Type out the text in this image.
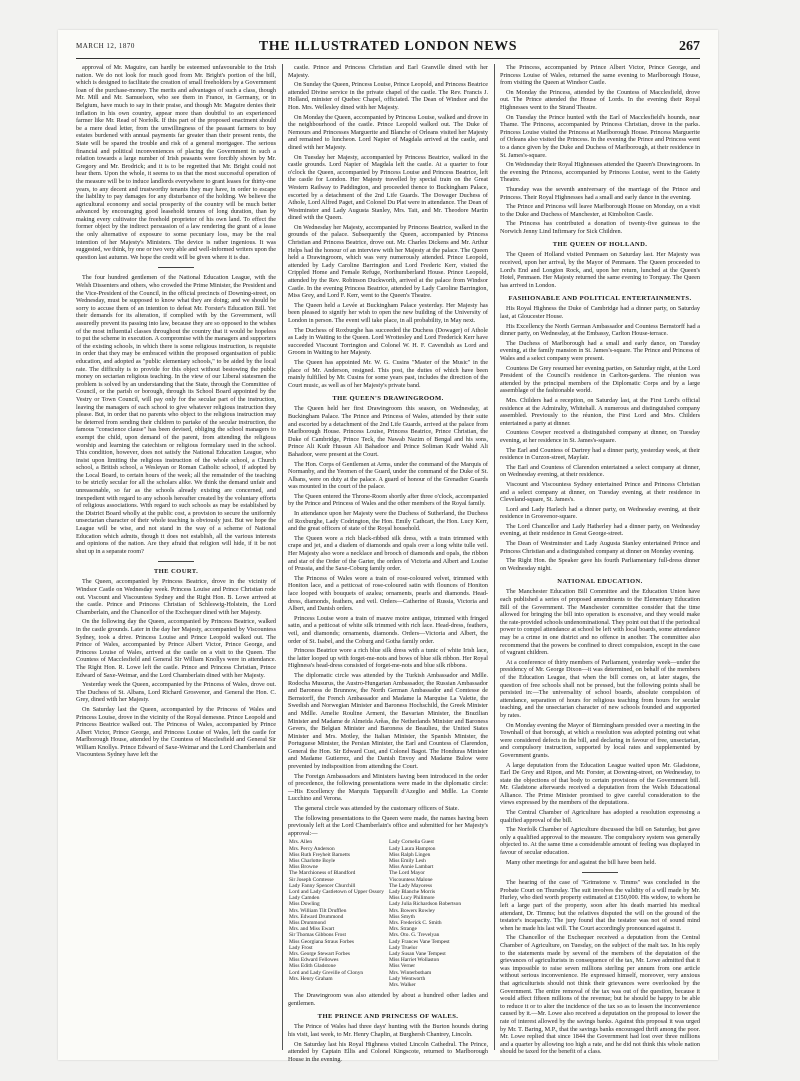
MARCH 12, 1870	THE ILLUSTRATED LONDON NEWS	267

approval of Mr. Maguire, can hardly be esteemed unfavourable to the Irish nation. We do not look for much good from Mr. Bright's portion of the bill, which is designed to facilitate the creation of small freeholders by a Government loan of the purchase-money. The merits and advantages of such a class, though Mr. Mill and Mr. Samuelson, who see them in France, in Germany, or in Belgium, have much to say in their praise, and though Mr. Maguire denies their inflation in his own country, appear more than doubtful to an experienced farmer like Mr. Read of Norfolk. If this part of the proposed enactment should be a mere dead letter, from the unwillingness of the peasant farmers to buy estates burdened with annual payments far greater than their present rents, the State will be spared the trouble and risk of a general mortgagee. The serious financial and political inconveniences of placing the Government in such a relation towards a large number of Irish peasants were forcibly shown by Mr. Gregory and Mr. Brodrick; and it is to be regretted that Mr. Bright could not hear them. Upon the whole, it seems to us that the most successful operation of the measure will be to induce landlords everywhere to grant leases for thirty-one years, to any decent and trustworthy tenants they may have, in order to escape the liability to pay damages for any disturbance of the holding. We believe the agricultural economy and social prosperity of the country will be much better advanced by encouraging good leasehold tenures of long duration, than by making every cultivator the freehold proprietor of his own land. To effect the former object by the indirect persuasion of a law rendering the grant of a lease the only alternative of exposure to some pecuniary loss, may be the real intention of her Majesty's Ministers. The device is rather ingenious. It was suggested, we think, by one or two very able and well-informed writers upon the question last autumn. We hope the credit will be given where it is due.

The four hundred gentlemen of the National Education League, with the Welsh Dissenters and others, who crowded the Prime Minister, the President and the Vice-President of the Council, in the official precincts of Downing-street, on Wednesday, must be supposed to know what they are doing; and we should be sorry to accuse them of an intention to defeat Mr. Forster's Education Bill. Yet their demands for its alteration, if complied with by the Government, will assuredly prevent its passing into law, because they are so opposed to the wishes of the most influential classes throughout the country that it would be hopeless to put the scheme in execution. A compromise with the managers and supporters of the existing schools, in which there is some religious instruction, is requisite in order that they may be embraced within the proposed organisation of public education, and adopted as "public elementary schools," to be aided by the local rate. The difficulty is to provide for this object without bestowing the public money on sectarian religious teaching. In the view of our Liberal statesmen the problem is solved by an understanding that the State, through the Committee of Council, or the parish or borough, through its School Board appointed by the Vestry or Town Council, will pay only for the secular part of the instruction, leaving the managers of each school to give whatever religious instruction they please. But, in order that no parents who object to the religious instruction may be deterred from sending their children to partake of the secular instruction, the famous "conscience clause" has been devised, obliging the school managers to exempt the child, upon demand of the parent, from attending the religious worship and learning the catechism or religious formulary used in the school. This condition, however, does not satisfy the National Education League, who insist upon limiting the religious instruction of the whole school, a Church school, a British school, a Wesleyan or Roman Catholic school, if adopted by the Local Board, to certain hours of the week; all the remainder of the teaching to be strictly secular for all the scholars alike. We think the demand unfair and unreasonable, so far as the schools already existing are concerned, and inexpedient with regard to any schools hereafter created by the voluntary efforts of religious associations. With regard to such schools as may be established by the District Board wholly at the public cost, a provision to secure the uniformly unsectarian character of their whole teaching is obviously just. But we hope the League will be wise, and not stand in the way of a scheme of National Education which admits, though it does not establish, all the various interests and opinions of the nation. Are they afraid that religion will hide, if it be not shut up in a separate room?

THE COURT.

The Queen, accompanied by Princess Beatrice, drove in the vicinity of Windsor Castle on Wednesday week. Princess Louise and Prince Christian rode out. Viscount and Viscountess Sydney and the Right Hon. B. Lowe arrived at the castle. Prince and Princess Christian of Schleswig-Holstein, the Lord Chamberlain, and the Chancellor of the Exchequer dined with her Majesty.

On the following day the Queen, accompanied by Princess Beatrice, walked in the castle grounds. Later in the day her Majesty, accompanied by Viscountess Sydney, took a drive. Princess Louise and Prince Leopold walked out. The Prince of Wales, accompanied by Prince Albert Victor, Prince George, and Princess Louise of Wales, arrived at the castle on a visit to the Queen. The Countess of Macclesfield and General Sir William Knollys were in attendance. The Right Hon. R. Lowe left the castle. Prince and Princess Christian, Prince Edward of Saxe-Weimar, and the Lord Chamberlain dined with her Majesty.

Yesterday week the Queen, accompanied by the Princess of Wales, drove out. The Duchess of St. Albans, Lord Richard Grosvenor, and General the Hon. C. Grey, dined with her Majesty.

On Saturday last the Queen, accompanied by the Princess of Wales and Princess Louise, drove in the vicinity of the Royal demesne. Prince Leopold and Princess Beatrice walked out. The Princess of Wales, accompanied by Prince Albert Victor, Prince George, and Princess Louise of Wales, left the castle for Marlborough House, attended by the Countess of Macclesfield and General Sir William Knollys. Prince Edward of Saxe-Weimar and the Lord Chamberlain and Viscountess Sydney have left the

castle. Prince and Princess Christian and Earl Granville dined with her Majesty.

On Sunday the Queen, Princess Louise, Prince Leopold, and Princess Beatrice attended Divine service in the private chapel of the castle. The Rev. Francis J. Holland, minister of Quebec Chapel, officiated. The Dean of Windsor and the Hon. Mrs. Wellesley dined with her Majesty.

On Monday the Queen, accompanied by Princess Louise, walked and drove in the neighbourhood of the castle. Prince Leopold walked out. The Duke of Nemours and Princesses Marguerite and Blanche of Orleans visited her Majesty and remained to luncheon. Lord Napier of Magdala arrived at the castle, and dined with her Majesty.

On Tuesday her Majesty, accompanied by Princess Beatrice, walked in the castle grounds. Lord Napier of Magdala left the castle. At a quarter to four o'clock the Queen, accompanied by Princess Louise and Princess Beatrice, left the castle for London. Her Majesty travelled by special train on the Great Western Railway to Paddington, and proceeded thence to Buckingham Palace, escorted by a detachment of the 2nd Life Guards. The Dowager Duchess of Athole, Lord Alfred Paget, and Colonel Du Plat were in attendance. The Dean of Westminster and Lady Augusta Stanley, Mrs. Tait, and Mr. Theodore Martin dined with the Queen.

On Wednesday her Majesty, accompanied by Princess Beatrice, walked in the grounds of the palace. Subsequently the Queen, accompanied by Princess Christian and Princess Beatrice, drove out. Mr. Charles Dickens and Mr. Arthur Helps had the honour of an interview with her Majesty at the palace. The Queen held a Drawingroom, which was very numerously attended. Prince Leopold, attended by Lady Caroline Barrington and Lord Frederic Kerr, visited the Crippled Home and Female Refuge, Northumberland House. Prince Leopold, attended by the Rev. Robinson Duckworth, arrived at the palace from Windsor Castle. In the evening Princess Beatrice, attended by Lady Caroline Barrington, Miss Grey, and Lord F. Kerr, went to the Queen's Theatre.

The Queen held a Levée at Buckingham Palace yesterday. Her Majesty has been pleased to signify her wish to open the new building of the University of London in person. The event will take place, in all probability, in May next.

The Duchess of Roxburghe has succeeded the Duchess (Dowager) of Athole as Lady in Waiting to the Queen. Lord Wrottesley and Lord Frederick Kerr have succeeded Viscount Torrington and Colonel W. H. F. Cavendish as Lord and Groom in Waiting to her Majesty.

The Queen has appointed Mr. W. G. Cusins "Master of the Music" in the place of Mr. Anderson, resigned. This post, the duties of which have been mainly fulfilled by Mr. Cusins for some years past, includes the direction of the Court music, as well as of her Majesty's private band.

THE QUEEN'S DRAWINGROOM.

The Queen held her first Drawingroom this season, on Wednesday, at Buckingham Palace. The Prince and Princess of Wales, attended by their suite and escorted by a detachment of the 2nd Life Guards, arrived at the palace from Marlborough House. Princess Louise, Princess Beatrice, Prince Christian, the Duke of Cambridge, Prince Teck, the Nawab Nazim of Bengal and his sons, Prince Ali Kudr Hussun Ali Bahadoor and Prince Soliman Kudr Wahid Ali Bahadoor, were present at the Court.

The Hon. Corps of Gentlemen at Arms, under the command of the Marquis of Normanby, and the Yeomen of the Guard, under the command of the Duke of St. Albans, were on duty at the palace. A guard of honour of the Grenadier Guards was mounted in the court of the palace.

The Queen entered the Throne-Room shortly after three o'clock, accompanied by the Prince and Princess of Wales and the other members of the Royal family.

In attendance upon her Majesty were the Duchess of Sutherland, the Duchess of Roxburghe, Lady Codrington, the Hon. Emily Cathcart, the Hon. Lucy Kerr, and the great officers of state of the Royal household.

The Queen wore a rich black-ribbed silk dress, with a train trimmed with crape and jet, and a diadem of diamonds and opals over a long white tulle veil. Her Majesty also wore a necklace and brooch of diamonds and opals, the ribbon and star of the Order of the Garter, the orders of Victoria and Albert and Louise of Prussia, and the Saxe-Coburg family order.

The Princess of Wales wore a train of rose-coloured velvet, trimmed with Honiton lace, and a petticoat of rose-coloured satin with flounces of Honiton lace looped with bouquets of azalea; ornaments, pearls and diamonds. Head-dress, diamonds, feathers, and veil. Orders—Catherine of Russia, Victoria and Albert, and Danish orders.

Princess Louise wore a train of mauve moire antique, trimmed with fringed satin, and a petticoat of white silk trimmed with rich lace. Head-dress, feathers, veil, and diamonds; ornaments, diamonds. Orders—Victoria and Albert, the order of St. Isabel, and the Coburg and Gotha family order.

Princess Beatrice wore a rich blue silk dress with a tunic of white Irish lace, the latter looped up with forget-me-nots and bows of blue silk ribbon. Her Royal Highness's head-dress consisted of forget-me-nots and blue silk ribbons.

The diplomatic circle was attended by the Turkish Ambassador and Mdlle. Rodocha Musurus, the Austro-Hungarian Ambassador, the Russian Ambassador and Baroness de Brunnow, the North German Ambassador and Comtesse de Bernstorff, the French Ambassador and Madame la Marquise La Valette, the Swedish and Norwegian Minister and Baroness Hochschild, the Greek Minister and Mdlle. Amelie Rouline Armeni, the Bavarian Minister, the Brazilian Minister and Madame de Almeida Arêas, the Netherlands Minister and Baroness Gevers, the Belgian Minister and Baroness de Beaulieu, the United States Minister and Mrs. Motley, the Italian Minister, the Spanish Minister, the Portuguese Minister, the Persian Minister, the Earl and Countess of Clarendon, General the Hon. Sir Edward Cust, and Colonel Bagot. The Honduras Minister and Madame Gutierrez, and the Danish Envoy and Madame Bulow were prevented by indisposition from attending the Court.

The Foreign Ambassadors and Ministers having been introduced in the order of precedence, the following presentations were made in the diplomatic circle:—His Excellency the Marquis Tapparelli d'Azeglio and Mdlle. La Comte Lucchino and Verona.

The general circle was attended by the customary officers of State.

The following presentations to the Queen were made, the names having been previously left at the Lord Chamberlain's office and submitted for her Majesty's approval:—

Mrs. Allen	Lady Cornelia Guest
Mrs. Percy Anderson	Lady Laura Hampton
Miss Ruth Freyheit Barnetts	Miss Ralph Lingen
Miss Charlotte Boyle	Miss Emily Lesh
Miss Browne	Miss Annie Lambart
The Marchioness of Blandford	The Lord Mayor
Sir Joseph Comtesse	Viscountess Malone
Lady Fanny Spencer Churchill	The Lady Mayoress
Lord and Lady Castletown of Upper Ossory	Lady Blanche Morris
Lady Camden	Miss Lucy Philimore
Miss Dowling	Lady Julia Richardson Robertson
Mrs. William Tilt Drufflen	Mrs. Bowers Rowley
Mrs. Edward Drummond	Miss Smyth
Miss Drummond	Mrs. Frederick C. Smith
Mrs. and Miss Ewart	Mrs. Strange
Sir Thomas Gibbons Frost	Mrs. Oto. G. Trevelyan
Miss Georgiana Straus Forbes	Lady Frances Vane Tempest
Lady Frost	Lady Truelor
Mrs. George Stewart Forbes	Lady Susan Vane Tempest
Miss Edward Fellowes	Miss Harriet Wollaston
Miss Edith Gladstone	Miss Verner
Lord and Lady Greville of Clonyn	Mrs. Winterbotham
Mrs. Henry Graham	Lady Wentworth
	Mrs. Walker

The Drawingroom was also attended by about a hundred other ladies and gentlemen.

THE PRINCE AND PRINCESS OF WALES.

The Prince of Wales had three days' hunting with the Burton hounds during his visit, last week, to Mr. Henry Chaplin, at Burghersh Chantrey, Lincoln.

On Saturday last his Royal Highness visited Lincoln Cathedral. The Prince, attended by Captain Ellis and Colonel Kingscote, returned to Marlborough House in the evening.

The Princess, accompanied by Prince Albert Victor, Prince George, and Princess Louise of Wales, returned the same evening to Marlborough House, from visiting the Queen at Windsor Castle.

On Monday the Princess, attended by the Countess of Macclesfield, drove out. The Prince attended the House of Lords. In the evening their Royal Highnesses went to the Strand Theatre.

On Tuesday the Prince hunted with the Earl of Macclesfield's hounds, near Thame. The Princess, accompanied by Princess Christian, drove in the parks. Princess Louise visited the Princess at Marlborough House. Princess Marguerite of Orleans also visited the Princess. In the evening the Prince and Princess went to a dance given by the Duke and Duchess of Marlborough, at their residence in St. James's-square.

On Wednesday their Royal Highnesses attended the Queen's Drawingroom. In the evening the Princess, accompanied by Princess Louise, went to the Gaiety Theatre.

Thursday was the seventh anniversary of the marriage of the Prince and Princess. Their Royal Highnesses had a small and early dance in the evening.

The Prince and Princess will leave Marlborough House on Monday, on a visit to the Duke and Duchess of Manchester, at Kimbolton Castle.

The Princess has contributed a donation of twenty-five guineas to the Norwich Jenny Lind Infirmary for Sick Children.

THE QUEEN OF HOLLAND.

The Queen of Holland visited Penmaen on Saturday last. Her Majesty was received, upon her arrival, by the Mayor of Penmaen. The Queen proceeded to Lord's End and Longton Rock, and, upon her return, lunched at the Queen's Hotel, Penmaen. Her Majesty returned the same evening to Torquay. The Queen has arrived in London.

FASHIONABLE AND POLITICAL ENTERTAINMENTS.

His Royal Highness the Duke of Cambridge had a dinner party, on Saturday last, at Gloucester House.

His Excellency the North German Ambassador and Countess Bernstorff had a dinner party, on Wednesday, at the Embassy, Carlton House-terrace.

The Duchess of Marlborough had a small and early dance, on Tuesday evening, at the family mansion in St. James's-square. The Prince and Princess of Wales and a select company were present.

Countess De Grey resumed her evening parties, on Saturday night, at the Lord President of the Council's residence in Carlton-gardens. The réunion was attended by the principal members of the Diplomatic Corps and by a large assemblage of the fashionable world.

Mrs. Childers had a reception, on Saturday last, at the First Lord's official residence at the Admiralty, Whitehall. A numerous and distinguished company assembled. Previously to the réunion, the First Lord and Mrs. Childers entertained a party at dinner.

Countess Cowper received a distinguished company at dinner, on Tuesday evening, at her residence in St. James's-square.

The Earl and Countess of Dartrey had a dinner party, yesterday week, at their residence in Curzon-street, Mayfair.

The Earl and Countess of Clarendon entertained a select company at dinner, on Wednesday evening, at their residence.

Viscount and Viscountess Sydney entertained Prince and Princess Christian and a select company at dinner, on Tuesday evening, at their residence in Cleveland-square, St. James's.

Lord and Lady Harlech had a dinner party, on Wednesday evening, at their residence in Grosvenor-square.

The Lord Chancellor and Lady Hatherley had a dinner party, on Wednesday evening, at their residence in Great George-street.

The Dean of Westminster and Lady Augusta Stanley entertained Prince and Princess Christian and a distinguished company at dinner on Monday evening.

The Right Hon. the Speaker gave his fourth Parliamentary full-dress dinner on Wednesday night.

NATIONAL EDUCATION.

The Manchester Education Bill Committee and the Education Union have each published a series of proposed amendments to the Elementary Education Bill of the Government. The Manchester committee consider that the time allowed for bringing the bill into operation is excessive, and they would make the rate-provided schools undenominational. They point out that if the periodical power to compel attendance at school be left with local boards, some attendance may be a crime in one district and no offence in another. The committee also recommend that the powers be confined to direct compulsion, except in the case of vagrant children.

At a conference of thirty members of Parliament, yesterday week—under the presidency of Mr. George Dixon—it was determined, on behalf of the members of the Education League, that when the bill comes on, at later stages, the question of free schools shall not be pressed, but the following points shall be persisted in:—The universality of school boards, absolute compulsion of attendance, separation of hours for religious teaching from hours for secular teaching, and the unsectarian character of new schools founded and supported by rates.

On Monday evening the Mayor of Birmingham presided over a meeting in the Townhall of that borough, at which a resolution was adopted pointing out what were considered defects in the bill, and declaring in favour of free, unsectarian, and compulsory instruction, supported by local rates and supplemented by Government grants.

A large deputation from the Education League waited upon Mr. Gladstone, Earl De Grey and Ripon, and Mr. Forster, at Downing-street, on Wednesday, to state the objections of that body to certain provisions of the Government bill. Mr. Gladstone afterwards received a deputation from the Welsh Educational Alliance. The Prime Minister promised to give careful consideration to the views expressed by the members of the deputations.

The Central Chamber of Agriculture has adopted a resolution expressing a qualified approval of the bill.

The Norfolk Chamber of Agriculture discussed the bill on Saturday, but gave only a qualified approval to the measure. The compulsory system was generally objected to. At the same time a considerable amount of feeling was displayed in favour of secular education.

Many other meetings for and against the bill have been held.

The hearing of the case of "Grimstone v. Timms" was concluded in the Probate Court on Thursday. The suit involves the validity of a will made by Mr. Hurley, who died worth property estimated at £150,000. His widow, to whom he left a large part of the property, soon after his death married his medical attendant, Dr. Timms; but the relatives disputed the will on the ground of the testator's incapacity. The jury found that the testator was not of sound mind when he made his last will. The Court accordingly pronounced against it.

The Chancellor of the Exchequer received a deputation from the Central Chamber of Agriculture, on Tuesday, on the subject of the malt tax. In his reply to the statements made by several of the members of the deputation of the grievances of agriculturists in consequence of the tax, Mr. Lowe admitted that it was impossible to raise seven millions sterling per annum from one article without serious inconvenience. He expressed himself, moreover, very anxious that agriculturists should not think their grievances were overlooked by the Government. The entire removal of the tax was out of the question, because it would affect fifteen millions of the revenue; but he should be happy to be able to reduce it or to alter the incidence of the tax so as to lessen the inconvenience caused by it.—Mr. Lowe also received a deputation on the proposal to lower the rate of interest allowed by the savings banks. Against this proposal it was urged by Mr. T. Baring, M.P., that the savings banks encouraged thrift among the poor. Mr. Lowe replied that since 1844 the Government had lost over three millions and a quarter by allowing too high a rate, and he did not think this whole nation should be taxed for the benefit of a class.
